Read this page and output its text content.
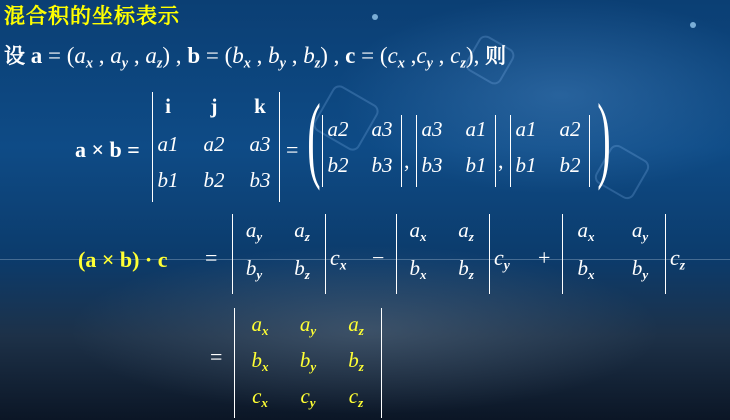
混合积的坐标表示
设 $a = (a_x$ , $a_y$ , $a_z$) , $b = (b_x$ , $b_y$ , $b_z$) , $c = (c_x$ $,c_y$ , $c_z$), 则
a × b =
i	j	k
a1	a2	a3
b1	b2	b3
= ( a2	a3
b2	b3 ,
a3	a1
b3	b1 ,
a1	a2
b1	b2 )
(a × b) · c =
$a_y$	$a_z$
$b_y$	$b_z$
$c_x$ −
$a_x$	$a_z$
$b_x$	$b_z$
$c_y$ +
$a_x$	$a_y$
$b_x$	$b_y$
$c_z$
=
$a_x$	$a_y$	$a_z$
$b_x$	$b_y$	$b_z$
$c_x$	$c_y$	$c_z$
